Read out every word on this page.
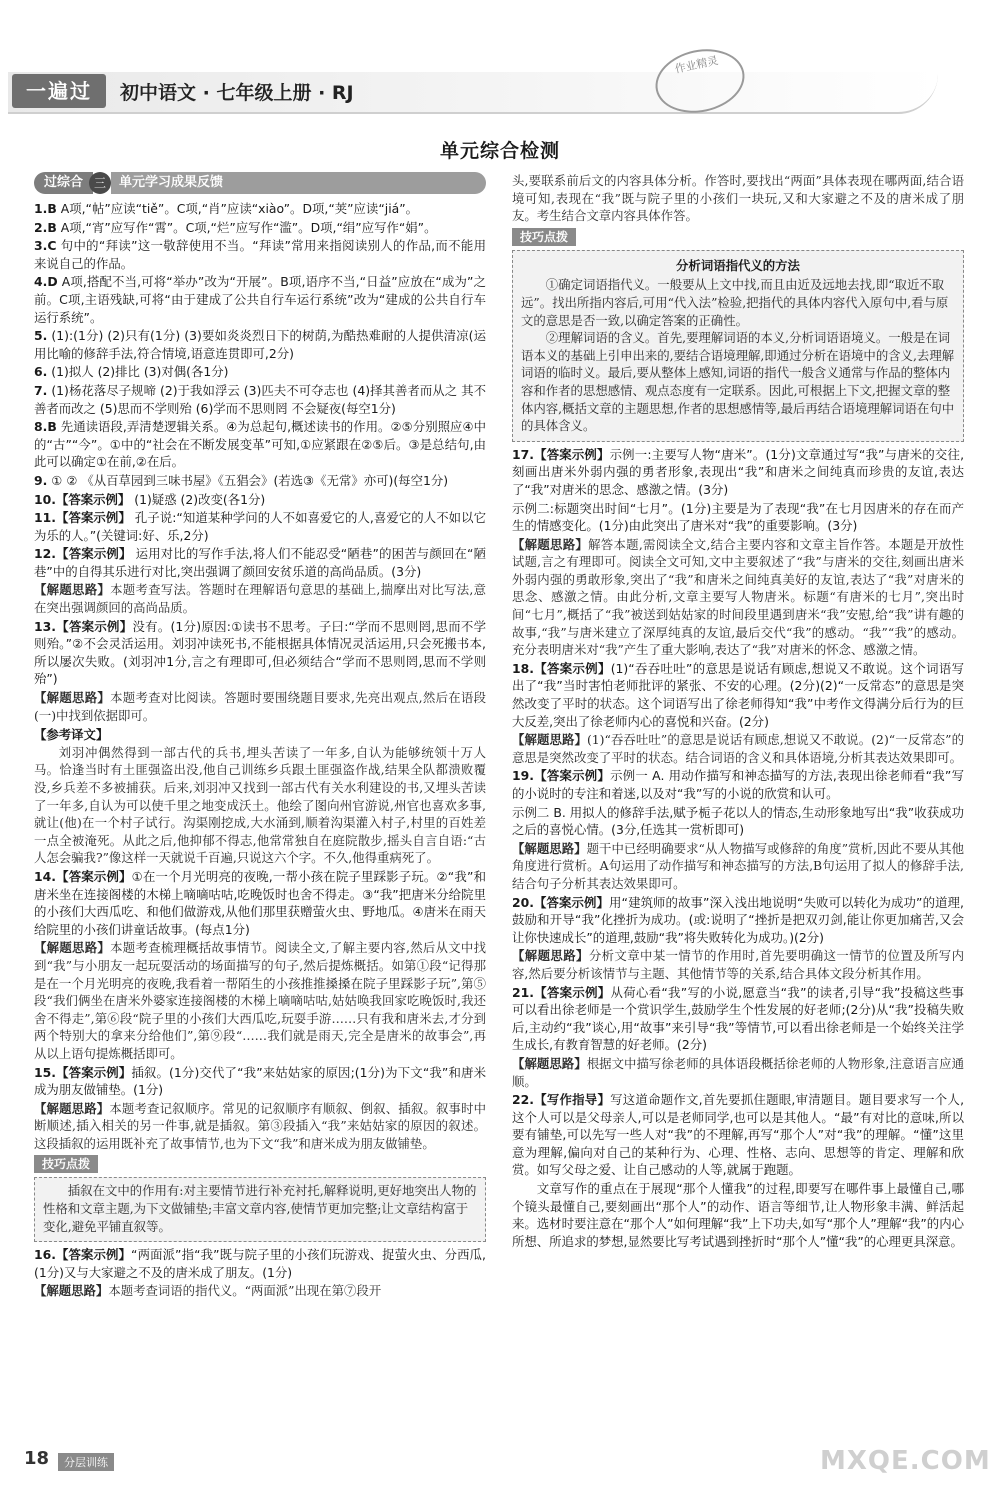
一遍过	初中语文 · 七年级上册 · RJ
作业精灵
单元综合检测
过综合 三	单元学习成果反馈
1.B A项,“帖”应读“tiě”。C项,“肖”应读“xiào”。D项,“荚”应读“jiá”。
2.B A项,“宵”应写作“霄”。C项,“烂”应写作“滥”。D项,“绢”应写作“娟”。
3.C 句中的“拜读”这一敬辞使用不当。“拜读”常用来指阅读别人的作品,而不能用来说自己的作品。
4.D A项,搭配不当,可将“举办”改为“开展”。B项,语序不当,“日益”应放在“成为”之前。C项,主语残缺,可将“由于建成了公共自行车运行系统”改为“建成的公共自行车运行系统”。
5. (1):(1分) (2)只有(1分) (3)要如炎炎烈日下的树荫,为酷热难耐的人提供清凉(运用比喻的修辞手法,符合情境,语意连贯即可,2分)
6. (1)拟人 (2)排比 (3)对偶(各1分)
7. (1)杨花落尽子规啼 (2)于我如浮云 (3)匹夫不可夺志也 (4)择其善者而从之 其不善者而改之 (5)思而不学则殆 (6)学而不思则罔 不会疑夜(每空1分)
8.B 先通读语段,弄清楚逻辑关系。④为总起句,概述读书的作用。②⑤分别照应④中的“古”“今”。①中的“社会在不断发展变革”可知,①应紧跟在②⑤后。③是总结句,由此可以确定①在前,②在后。
9. ① ② 《从百草园到三味书屋》《五猖会》(若选③《无常》亦可)(每空1分)
10.【答案示例】 (1)疑惑 (2)改变(各1分)
11.【答案示例】 孔子说:“知道某种学问的人不如喜爱它的人,喜爱它的人不如以它为乐的人。”(关键词:好、乐,2分)
12.【答案示例】 运用对比的写作手法,将人们不能忍受“陋巷”的困苦与颜回在“陋巷”中的自得其乐进行对比,突出强调了颜回安贫乐道的高尚品质。(3分)
【解题思路】本题考查写法。答题时在理解语句意思的基础上,揣摩出对比写法,意在突出强调颜回的高尚品质。
13.【答案示例】没有。(1分)原因:①读书不思考。子曰:“学而不思则罔,思而不学则殆。”②不会灵活运用。刘羽冲读死书,不能根据具体情况灵活运用,只会死搬书本,所以屡次失败。(刘羽冲1分,言之有理即可,但必须结合“学而不思则罔,思而不学则殆”)
【解题思路】本题考查对比阅读。答题时要围绕题目要求,先亮出观点,然后在语段(一)中找到依据即可。
【参考译文】
刘羽冲偶然得到一部古代的兵书,埋头苦读了一年多,自认为能够统领十万人马。恰逢当时有土匪强盗出没,他自己训练乡兵跟土匪强盗作战,结果全队都溃败覆没,乡兵差不多被捕获。后来,刘羽冲又找到一部古代有关水利建设的书,又埋头苦读了一年多,自认为可以使千里之地变成沃土。他绘了图向州官游说,州官也喜欢多事,就让(他)在一个村子试行。沟渠刚挖成,大水涌到,顺着沟渠灌入村子,村里的百姓差一点全被淹死。从此之后,他抑郁不得志,他常常独自在庭院散步,摇头自言自语:“古人怎会骗我?”像这样一天就说千百遍,只说这六个字。不久,他得重病死了。
14.【答案示例】①在一个月光明亮的夜晚,一帮小孩在院子里踩影子玩。②“我”和唐米坐在连接阁楼的木梯上嘀嘀咕咕,吃晚饭时也舍不得走。③“我”把唐米分给院里的小孩们大西瓜吃、和他们做游戏,从他们那里获赠萤火虫、野地瓜。④唐米在雨天给院里的小孩们讲童话故事。(每点1分)
【解题思路】本题考查梳理概括故事情节。阅读全文,了解主要内容,然后从文中找到“我”与小朋友一起玩耍活动的场面描写的句子,然后提炼概括。如第①段“记得那是在一个月光明亮的夜晚,我看着一帮陌生的小孩推推搡搡在院子里踩影子玩”,第⑤段“我们俩坐在唐米外婆家连接阁楼的木梯上嘀嘀咕咕,姑姑唤我回家吃晚饭时,我还舍不得走”,第⑥段“院子里的小孩们大西瓜吃,玩耍手游……只有我和唐米去,才分到两个特别大的拿来分给他们”,第⑨段“……我们就是雨天,完全是唐米的故事会”,再从以上语句提炼概括即可。
15.【答案示例】插叙。(1分)交代了“我”来姑姑家的原因;(1分)为下文“我”和唐米成为朋友做铺垫。(1分)
【解题思路】本题考查记叙顺序。常见的记叙顺序有顺叙、倒叙、插叙。叙事时中断顺述,插入相关的另一件事,就是插叙。第③段插入“我”来姑姑家的原因的叙述。这段插叙的运用既补充了故事情节,也为下文“我”和唐米成为朋友做铺垫。
技巧点拨
插叙在文中的作用有:对主要情节进行补充衬托,解释说明,更好地突出人物的性格和文章主题,为下文做铺垫;丰富文章内容,使情节更加完整;让文章结构富于变化,避免平铺直叙等。
16.【答案示例】“两面派”指“我”既与院子里的小孩们玩游戏、捉萤火虫、分西瓜,(1分)又与大家避之不及的唐米成了朋友。(1分)
【解题思路】本题考查词语的指代义。“两面派”出现在第⑦段开
头,要联系前后文的内容具体分析。作答时,要找出“两面”具体表现在哪两面,结合语境可知,表现在“我”既与院子里的小孩们一块玩,又和大家避之不及的唐米成了朋友。考生结合文章内容具体作答。
技巧点拨
分析词语指代义的方法
①确定词语指代义。一般要从上文中找,而且由近及远地去找,即“取近不取远”。找出所指内容后,可用“代入法”检验,把指代的具体内容代入原句中,看与原文的意思是否一致,以确定答案的正确性。
②理解词语的含义。首先,要理解词语的本义,分析词语语境义。一般是在词语本义的基础上引申出来的,要结合语境理解,即通过分析在语境中的含义,去理解词语的临时义。最后,要从整体上感知,词语的指代一般含义通常与作品的整体内容和作者的思想感情、观点态度有一定联系。因此,可根据上下文,把握文章的整体内容,概括文章的主题思想,作者的思想感情等,最后再结合语境理解词语在句中的具体含义。
17.【答案示例】示例一:主要写人物“唐米”。(1分)文章通过写“我”与唐米的交往,刻画出唐米外弱内强的勇者形象,表现出“我”和唐米之间纯真而珍贵的友谊,表达了“我”对唐米的思念、感激之情。(3分)
示例二:标题突出时间“七月”。(1分)主要是为了表现“我”在七月因唐米的存在而产生的情感变化。(1分)由此突出了唐米对“我”的重要影响。(3分)
【解题思路】解答本题,需阅读全文,结合主要内容和文章主旨作答。本题是开放性试题,言之有理即可。阅读全文可知,文中主要叙述了“我”与唐米的交往,刻画出唐米外弱内强的勇敢形象,突出了“我”和唐米之间纯真美好的友谊,表达了“我”对唐米的思念、感激之情。由此分析,文章主要写人物唐米。标题“有唐米的七月”,突出时间“七月”,概括了“我”被送到姑姑家的时间段里遇到唐米“我”安慰,给“我”讲有趣的故事,“我”与唐米建立了深厚纯真的友谊,最后交代“我”的感动。“我”“我”的感动。充分表明唐米对“我”产生了重大影响,表达了“我”对唐米的怀念、感激之情。
18.【答案示例】(1)“吞吞吐吐”的意思是说话有顾虑,想说又不敢说。这个词语写出了“我”当时害怕老师批评的紧张、不安的心理。(2分)(2)“一反常态”的意思是突然改变了平时的状态。这个词语写出了徐老师得知“我”中考作文得满分后行为的巨大反差,突出了徐老师内心的喜悦和兴奋。(2分)
【解题思路】(1)“吞吞吐吐”的意思是说话有顾虑,想说又不敢说。(2)“一反常态”的意思是突然改变了平时的状态。结合词语的含义和具体语境,分析其表达效果即可。
19.【答案示例】示例一 A. 用动作描写和神态描写的方法,表现出徐老师看“我”写的小说时的专注和着迷,以及对“我”写的小说的欣赏和认可。
示例二 B. 用拟人的修辞手法,赋予栀子花以人的情态,生动形象地写出“我”收获成功之后的喜悦心情。(3分,任选其一赏析即可)
【解题思路】题干中已经明确要求“从人物描写或修辞的角度”赏析,因此不要从其他角度进行赏析。A句运用了动作描写和神态描写的方法,B句运用了拟人的修辞手法,结合句子分析其表达效果即可。
20.【答案示例】用“建筑师的故事”深入浅出地说明“失败可以转化为成功”的道理,鼓励和开导“我”化挫折为成功。(或:说明了“挫折是把双刃剑,能让你更加痛苦,又会让你快速成长”的道理,鼓励“我”将失败转化为成功。)(2分)
【解题思路】分析文章中某一情节的作用时,首先要明确这一情节的位置及所写内容,然后要分析该情节与主题、其他情节等的关系,结合具体文段分析其作用。
21.【答案示例】从荷心看“我”写的小说,愿意当“我”的读者,引导“我”投稿这些事可以看出徐老师是一个赏识学生,鼓励学生个性发展的好老师;(2分)从“我”投稿失败后,主动约“我”谈心,用“故事”来引导“我”等情节,可以看出徐老师是一个始终关注学生成长,有教育智慧的好老师。(2分)
【解题思路】根据文中描写徐老师的具体语段概括徐老师的人物形象,注意语言应通顺。
22.【写作指导】写这道命题作文,首先要抓住题眼,审清题目。题目要求写一个人,这个人可以是父母亲人,可以是老师同学,也可以是其他人。“最”有对比的意味,所以要有铺垫,可以先写一些人对“我”的不理解,再写“那个人”对“我”的理解。“懂”这里意为理解,偏向对自己的某种行为、心理、性格、志向、思想等的肯定、理解和欣赏。如写父母之爱、让自己感动的人等,就属于跑题。
文章写作的重点在于展现“那个人懂我”的过程,即要写在哪件事上最懂自己,哪个镜头最懂自己,要刻画出“那个人”的动作、语言等细节,让人物形象丰满、鲜活起来。选材时要注意在“那个人”如何理解“我”上下功夫,如写“那个人”理解“我”的内心所想、所追求的梦想,显然要比写考试遇到挫折时“那个人”懂“我”的心理更具深意。
18	分层训练	MXQE.COM
